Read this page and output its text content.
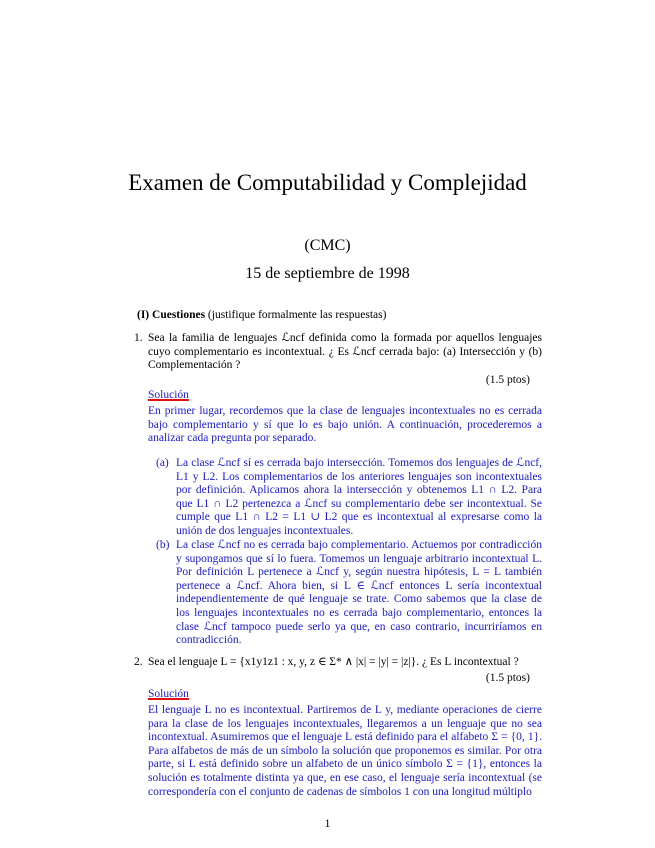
Examen de Computabilidad y Complejidad
(CMC)
15 de septiembre de 1998
(I) Cuestiones (justifique formalmente las respuestas)
1. Sea la familia de lenguajes ℒncf definida como la formada por aquellos lenguajes cuyo complementario es incontextual. ¿ Es ℒncf cerrada bajo: (a) Intersección y (b) Complementación ?
(1.5 ptos)
Solución
En primer lugar, recordemos que la clase de lenguajes incontextuales no es cerrada bajo complementario y sí que lo es bajo unión. A continuación, procederemos a analizar cada pregunta por separado.
(a) La clase ℒncf sí es cerrada bajo intersección. Tomemos dos lenguajes de ℒncf, L1 y L2. Los complementarios de los anteriores lenguajes son incontextuales por definición. Aplicamos ahora la intersección y obtenemos L1 ∩ L2. Para que L1 ∩ L2 pertenezca a ℒncf su complementario debe ser incontextual. Se cumple que L1 ∩ L2 = L1 ∪ L2 que es incontextual al expresarse como la unión de dos lenguajes incontextuales.
(b) La clase ℒncf no es cerrada bajo complementario. Actuemos por contradicción y supongamos que sí lo fuera. Tomemos un lenguaje arbitrario incontextual L. Por definición L pertenece a ℒncf y, según nuestra hipótesis, L = L también pertenece a ℒncf. Ahora bien, si L ∈ ℒncf entonces L sería incontextual independientemente de qué lenguaje se trate. Como sabemos que la clase de los lenguajes incontextuales no es cerrada bajo complementario, entonces la clase ℒncf tampoco puede serlo ya que, en caso contrario, incurriríamos en contradicción.
2. Sea el lenguaje L = {x1y1z1 : x, y, z ∈ Σ* ∧ |x| = |y| = |z|}. ¿ Es L incontextual ?
(1.5 ptos)
Solución
El lenguaje L no es incontextual. Partiremos de L y, mediante operaciones de cierre para la clase de los lenguajes incontextuales, llegaremos a un lenguaje que no sea incontextual. Asumiremos que el lenguaje L está definido para el alfabeto Σ = {0, 1}. Para alfabetos de más de un símbolo la solución que proponemos es similar. Por otra parte, si L está definido sobre un alfabeto de un único símbolo Σ = {1}, entonces la solución es totalmente distinta ya que, en ese caso, el lenguaje sería incontextual (se correspondería con el conjunto de cadenas de símbolos 1 con una longitud múltiplo
1
